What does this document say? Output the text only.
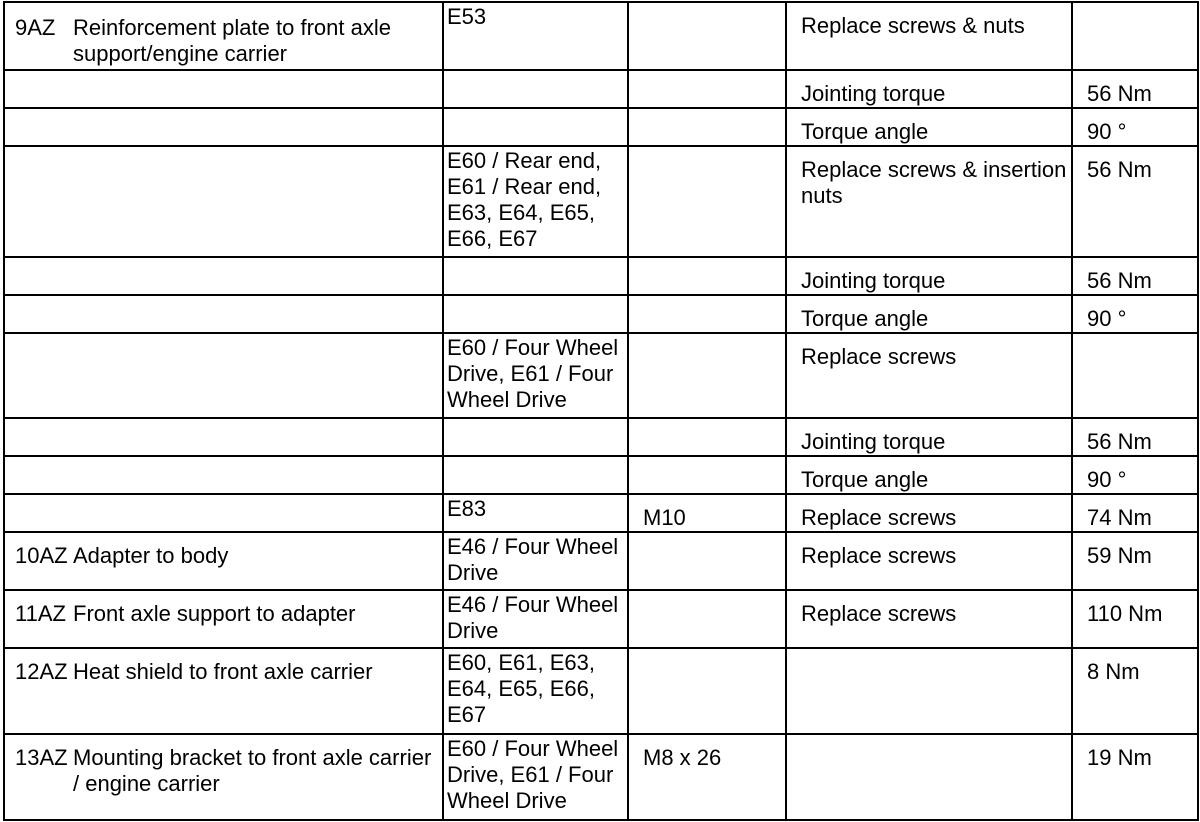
9AZ Reinforcement plate to front axle support/engine carrier	E53		Replace screws & nuts	

			Jointing torque	56 Nm

			Torque angle	90 °

	E60 / Rear end, E61 / Rear end, E63, E64, E65, E66, E67		Replace screws & insertion nuts	56 Nm

			Jointing torque	56 Nm

			Torque angle	90 °

	E60 / Four Wheel Drive, E61 / Four Wheel Drive		Replace screws	

			Jointing torque	56 Nm

			Torque angle	90 °

	E83	M10	Replace screws	74 Nm

10AZ Adapter to body	E46 / Four Wheel Drive		Replace screws	59 Nm

11AZ Front axle support to adapter	E46 / Four Wheel Drive		Replace screws	110 Nm

12AZ Heat shield to front axle carrier	E60, E61, E63, E64, E65, E66, E67			8 Nm

13AZ Mounting bracket to front axle carrier / engine carrier	E60 / Four Wheel Drive, E61 / Four Wheel Drive	M8 x 26		19 Nm
